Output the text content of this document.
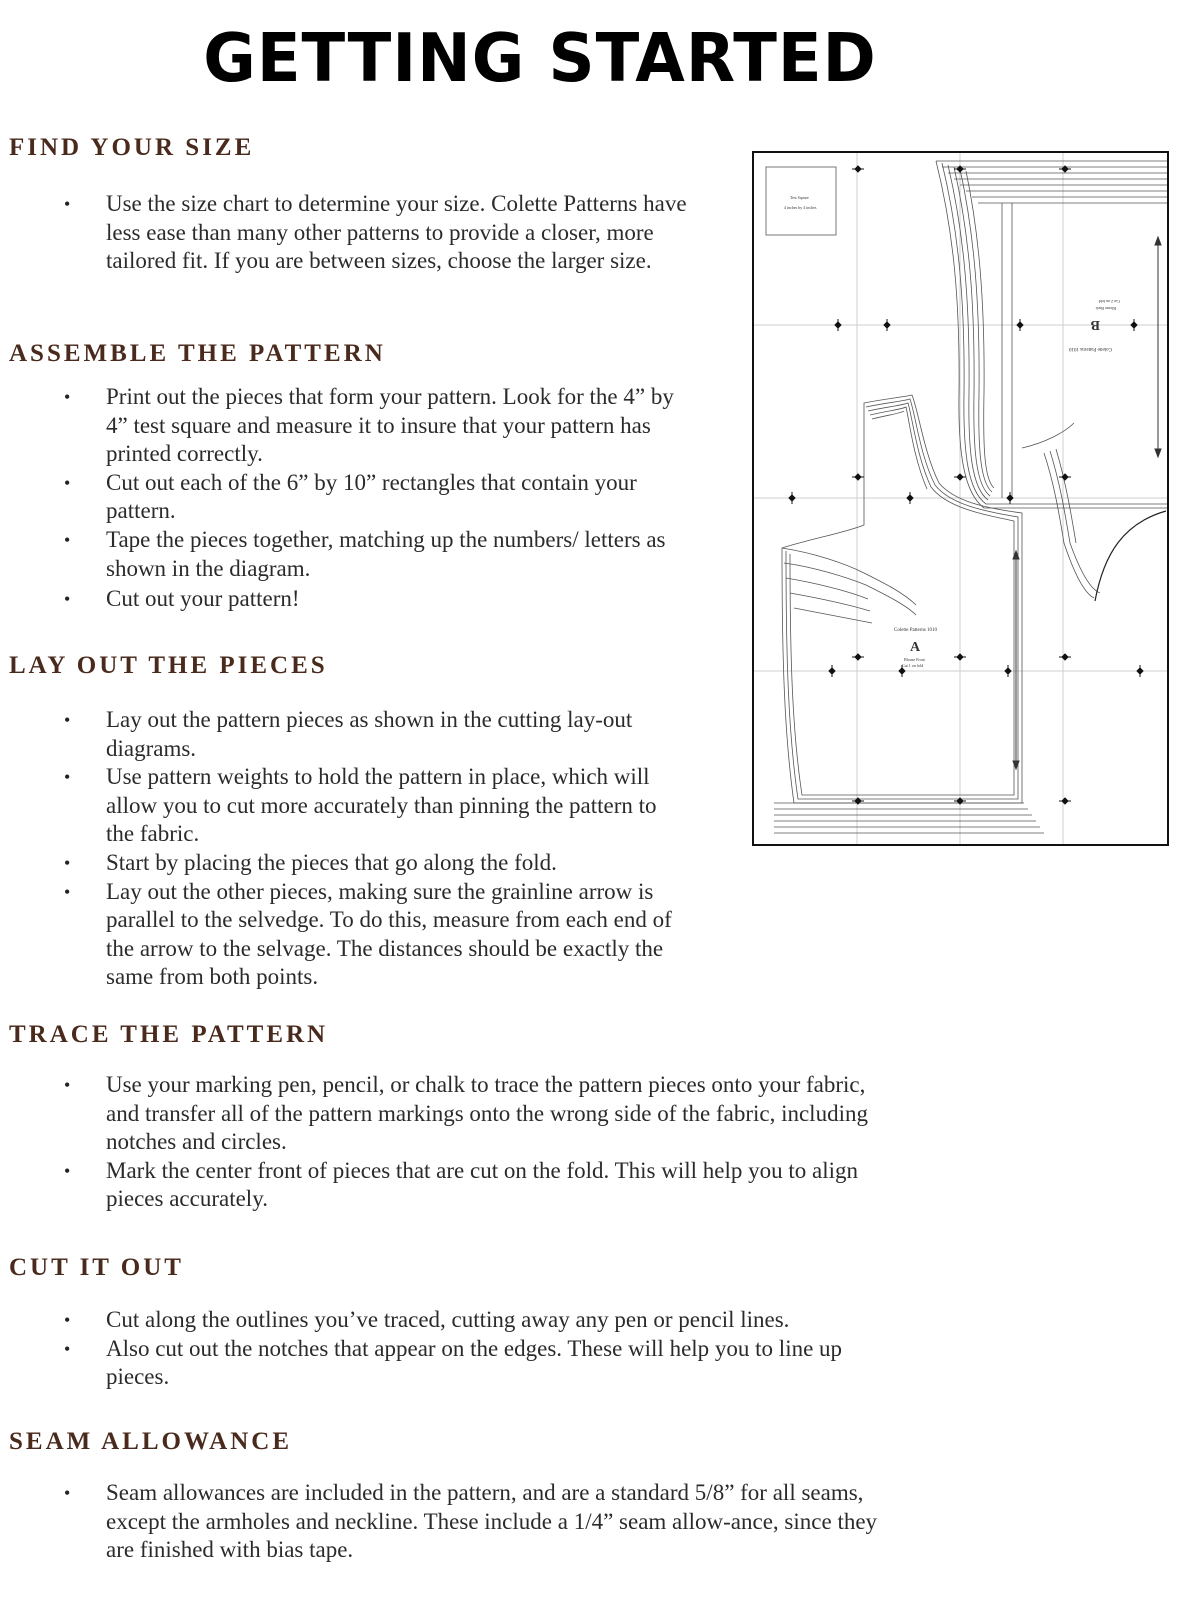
GETTING STARTED
FIND YOUR SIZE
• Use the size chart to determine your size. Colette Patterns have less ease than many other patterns to provide a closer, more tailored fit. If you are between sizes, choose the larger size.
ASSEMBLE THE PATTERN
• Print out the pieces that form your pattern. Look for the 4” by 4” test square and measure it to insure that your pattern has printed correctly.
• Cut out each of the 6” by 10” rectangles that contain your pattern.
• Tape the pieces together, matching up the numbers/ letters as shown in the diagram.
• Cut out your pattern!
LAY OUT THE PIECES
• Lay out the pattern pieces as shown in the cutting lay-out diagrams.
• Use pattern weights to hold the pattern in place, which will allow you to cut more accurately than pinning the pattern to the fabric.
• Start by placing the pieces that go along the fold.
• Lay out the other pieces, making sure the grainline arrow is parallel to the selvedge. To do this, measure from each end of the arrow to the selvage. The distances should be exactly the same from both points.
TRACE THE PATTERN
• Use your marking pen, pencil, or chalk to trace the pattern pieces onto your fabric, and transfer all of the pattern markings onto the wrong side of the fabric, including notches and circles.
• Mark the center front of pieces that are cut on the fold. This will help you to align pieces accurately.
CUT IT OUT
• Cut along the outlines you’ve traced, cutting away any pen or pencil lines.
• Also cut out the notches that appear on the edges. These will help you to line up pieces.
SEAM ALLOWANCE
• Seam allowances are included in the pattern, and are a standard 5/8” for all seams, except the armholes and neckline. These include a 1/4” seam allow-ance, since they are finished with bias tape.
Test Square
4 inches by 4 inches
Colette Patterns 1010
B
Blouse Back
Cut 2 on fold
Colette Patterns 1010
A
Blouse Front
Cut 1 on fold
